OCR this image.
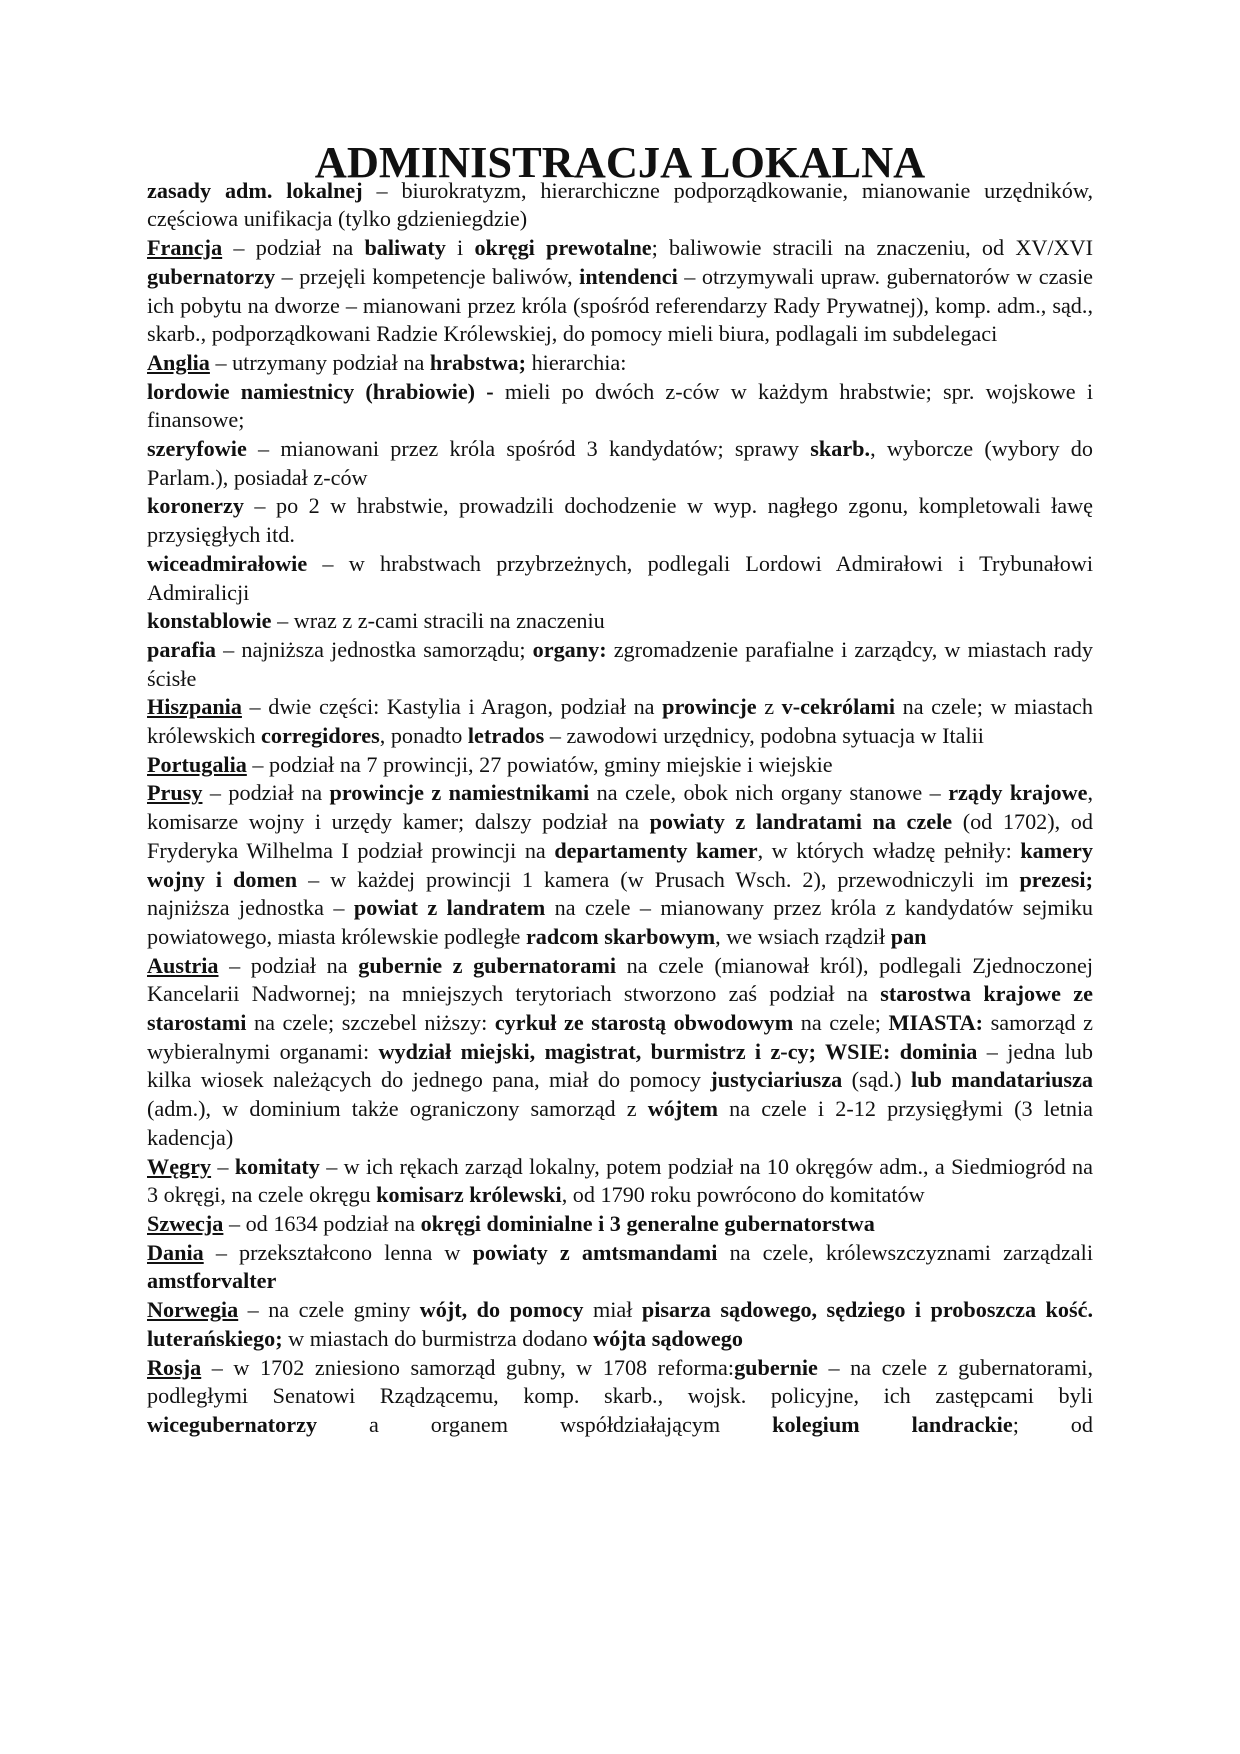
ADMINISTRACJA LOKALNA

zasady adm. lokalnej – biurokratyzm, hierarchiczne podporządkowanie, mianowanie urzędników, częściowa unifikacja (tylko gdzieniegdzie)

Francja – podział na baliwaty i okręgi prewotalne; baliwowie stracili na znaczeniu, od XV/XVI gubernatorzy – przejęli kompetencje baliwów, intendenci – otrzymywali upraw. gubernatorów w czasie ich pobytu na dworze – mianowani przez króla (spośród referendarzy Rady Prywatnej), komp. adm., sąd., skarb., podporządkowani Radzie Królewskiej, do pomocy mieli biura, podlagali im subdelegaci

Anglia – utrzymany podział na hrabstwa; hierarchia:

lordowie namiestnicy (hrabiowie) - mieli po dwóch z-ców w każdym hrabstwie; spr. wojskowe i finansowe;

szeryfowie – mianowani przez króla spośród 3 kandydatów; sprawy skarb., wyborcze (wybory do Parlam.), posiadał z-ców

koronerzy – po 2 w hrabstwie, prowadzili dochodzenie w wyp. nagłego zgonu, kompletowali ławę przysięgłych itd.

wiceadmirałowie – w hrabstwach przybrzeżnych, podlegali Lordowi Admirałowi i Trybunałowi Admiralicji

konstablowie – wraz z z-cami stracili na znaczeniu

parafia – najniższa jednostka samorządu; organy: zgromadzenie parafialne i zarządcy, w miastach rady ścisłe

Hiszpania – dwie części: Kastylia i Aragon, podział na prowincje z v-cekrólami na czele; w miastach królewskich corregidores, ponadto letrados – zawodowi urzędnicy, podobna sytuacja w Italii

Portugalia – podział na 7 prowincji, 27 powiatów, gminy miejskie i wiejskie

Prusy – podział na prowincje z namiestnikami na czele, obok nich organy stanowe – rządy krajowe, komisarze wojny i urzędy kamer; dalszy podział na powiaty z landratami na czele (od 1702), od Fryderyka Wilhelma I podział prowincji na departamenty kamer, w których władzę pełniły: kamery wojny i domen – w każdej prowincji 1 kamera (w Prusach Wsch. 2), przewodniczyli im prezesi; najniższa jednostka – powiat z landratem na czele – mianowany przez króla z kandydatów sejmiku powiatowego, miasta królewskie podległe radcom skarbowym, we wsiach rządził pan

Austria – podział na gubernie z gubernatorami na czele (mianował król), podlegali Zjednoczonej Kancelarii Nadwornej; na mniejszych terytoriach stworzono zaś podział na starostwa krajowe ze starostami na czele; szczebel niższy: cyrkuł ze starostą obwodowym na czele; MIASTA: samorząd z wybieralnymi organami: wydział miejski, magistrat, burmistrz i z-cy; WSIE: dominia – jedna lub kilka wiosek należących do jednego pana, miał do pomocy justyciariusza (sąd.) lub mandatariusza (adm.), w dominium także ograniczony samorząd z wójtem na czele i 2-12 przysięgłymi (3 letnia kadencja)

Węgry – komitaty – w ich rękach zarząd lokalny, potem podział na 10 okręgów adm., a Siedmiogród na 3 okręgi, na czele okręgu komisarz królewski, od 1790 roku powrócono do komitatów

Szwecja – od 1634 podział na okręgi dominialne i 3 generalne gubernatorstwa

Dania – przekształcono lenna w powiaty z amtsmandami na czele, królewszczyznami zarządzali amstforvalter

Norwegia – na czele gminy wójt, do pomocy miał pisarza sądowego, sędziego i proboszcza kość. luterańskiego; w miastach do burmistrza dodano wójta sądowego

Rosja – w 1702 zniesiono samorząd gubny, w 1708 reforma:gubernie – na czele z gubernatorami, podległymi Senatowi Rządzącemu, komp. skarb., wojsk. policyjne, ich zastępcami byli wicegubernatorzy a organem współdziałającym kolegium landrackie; od
